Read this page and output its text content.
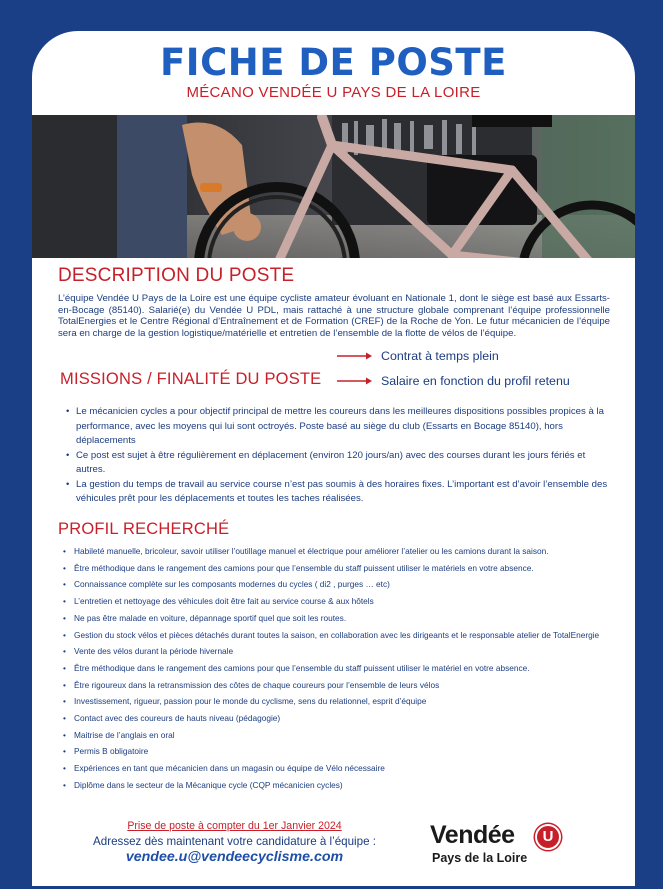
FICHE DE POSTE
MÉCANO VENDÉE U PAYS DE LA LOIRE
DESCRIPTION DU POSTE
L’équipe Vendée U Pays de la Loire est une équipe cycliste amateur évoluant en Nationale 1, dont le siège est basé aux Essarts-en-Bocage (85140). Salarié(e) du Vendée U PDL, mais rattaché à une structure globale comprenant l’équipe professionnelle TotalEnergies et le Centre Régional d’Entraînement et de Formation (CREF) de la Roche de Yon. Le futur mécanicien de l’équipe sera en charge de la gestion logistique/matérielle et entretien de l’ensemble de la flotte de vélos de l’équipe.
Contrat à temps plein
MISSIONS / FINALITÉ DU POSTE	Salaire en fonction du profil retenu
• Le mécanicien cycles a pour objectif principal de mettre les coureurs dans les meilleures dispositions possibles propices à la performance, avec les moyens qui lui sont octroyés. Poste basé au siège du club (Essarts en Bocage 85140), hors déplacements
• Ce post est sujet à être régulièrement en déplacement (environ 120 jours/an) avec des courses durant les jours fériés et autres.
• La gestion du temps de travail au service course n’est pas soumis à des horaires fixes. L’important est d’avoir l’ensemble des véhicules prêt pour les déplacements et toutes les taches réalisées.
PROFIL RECHERCHÉ
• Habileté manuelle, bricoleur, savoir utiliser l’outillage manuel et électrique pour améliorer l’atelier ou les camions durant la saison.
• Être méthodique dans le rangement des camions pour que l’ensemble du staff puissent utiliser le matériels en votre absence.
• Connaissance complète sur les composants modernes du cycles ( di2 , purges … etc)
• L’entretien et nettoyage des véhicules doit être fait au service course & aux hôtels
• Ne pas être malade en voiture, dépannage sportif quel que soit les routes.
• Gestion du stock vélos et pièces détachés durant toutes la saison, en collaboration avec les dirigeants et le responsable atelier de TotalEnergie
• Vente des vélos durant la période hivernale
• Être méthodique dans le rangement des camions pour que l’ensemble du staff puissent utiliser le matériel en votre absence.
• Être rigoureux dans la retransmission des côtes de chaque coureurs pour l’ensemble de leurs vélos
• Investissement, rigueur, passion pour le monde du cyclisme, sens du relationnel, esprit d’équipe
• Contact avec des coureurs de hauts niveau (pédagogie)
• Maitrise de l’anglais en oral
• Permis B obligatoire
• Expériences en tant que mécanicien dans un magasin ou équipe de Vélo nécessaire
• Diplôme dans le secteur de la Mécanique cycle (CQP mécanicien cycles)
Prise de poste à compter du 1er Janvier 2024
Adressez dès maintenant votre candidature à l’équipe :
vendee.u@vendeecyclisme.com
Vendée	U
Pays de la Loire
